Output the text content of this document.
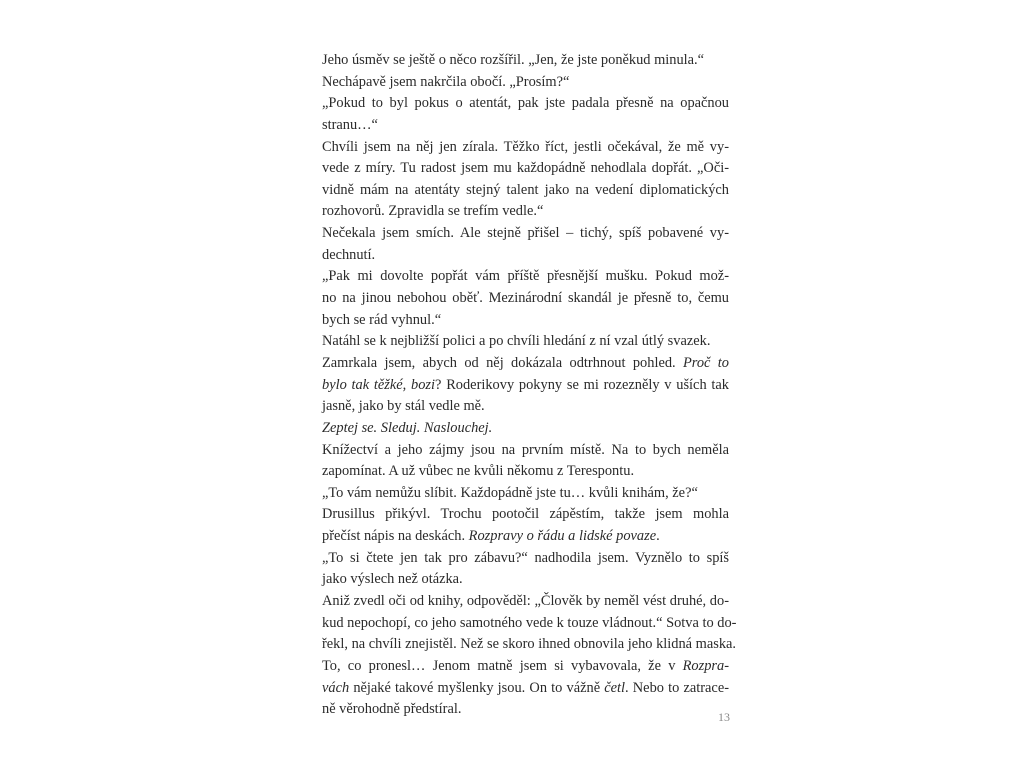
Jeho úsměv se ještě o něco rozšířil. „Jen, že jste poněkud minula.“
Nechápavě jsem nakrčila obočí. „Prosím?“
„Pokud to byl pokus o atentát, pak jste padala přesně na opačnou
stranu…“
Chvíli jsem na něj jen zírala. Těžko říct, jestli očekával, že mě vy-
vede z míry. Tu radost jsem mu každopádně nehodlala dopřát. „Oči-
vidně mám na atentáty stejný talent jako na vedení diplomatických
rozhovorů. Zpravidla se trefím vedle.“
Nečekala jsem smích. Ale stejně přišel – tichý, spíš pobavené vy-
dechnutí.
„Pak mi dovolte popřát vám příště přesnější mušku. Pokud mož-
no na jinou nebohou oběť. Mezinárodní skandál je přesně to, čemu
bych se rád vyhnul.“
Natáhl se k nejbližší polici a po chvíli hledání z ní vzal útlý svazek.
Zamrkala jsem, abych od něj dokázala odtrhnout pohled. Proč to
bylo tak těžké, bozi? Roderikovy pokyny se mi rozezněly v uších tak
jasně, jako by stál vedle mě.
Zeptej se. Sleduj. Naslouchej.
Knížectví a jeho zájmy jsou na prvním místě. Na to bych neměla
zapomínat. A už vůbec ne kvůli někomu z Terespontu.
„To vám nemůžu slíbit. Každopádně jste tu… kvůli knihám, že?“
Drusillus přikývl. Trochu pootočil zápěstím, takže jsem mohla
přečíst nápis na deskách. Rozpravy o řádu a lidské povaze.
„To si čtete jen tak pro zábavu?“ nadhodila jsem. Vyznělo to spíš
jako výslech než otázka.
Aniž zvedl oči od knihy, odpověděl: „Člověk by neměl vést druhé, do-
kud nepochopí, co jeho samotného vede k touze vládnout.“ Sotva to do-
řekl, na chvíli znejistěl. Než se skoro ihned obnovila jeho klidná maska.
To, co pronesl… Jenom matně jsem si vybavovala, že v Rozpra-
vách nějaké takové myšlenky jsou. On to vážně četl. Nebo to zatrace-
ně věrohodně předstíral.	13
